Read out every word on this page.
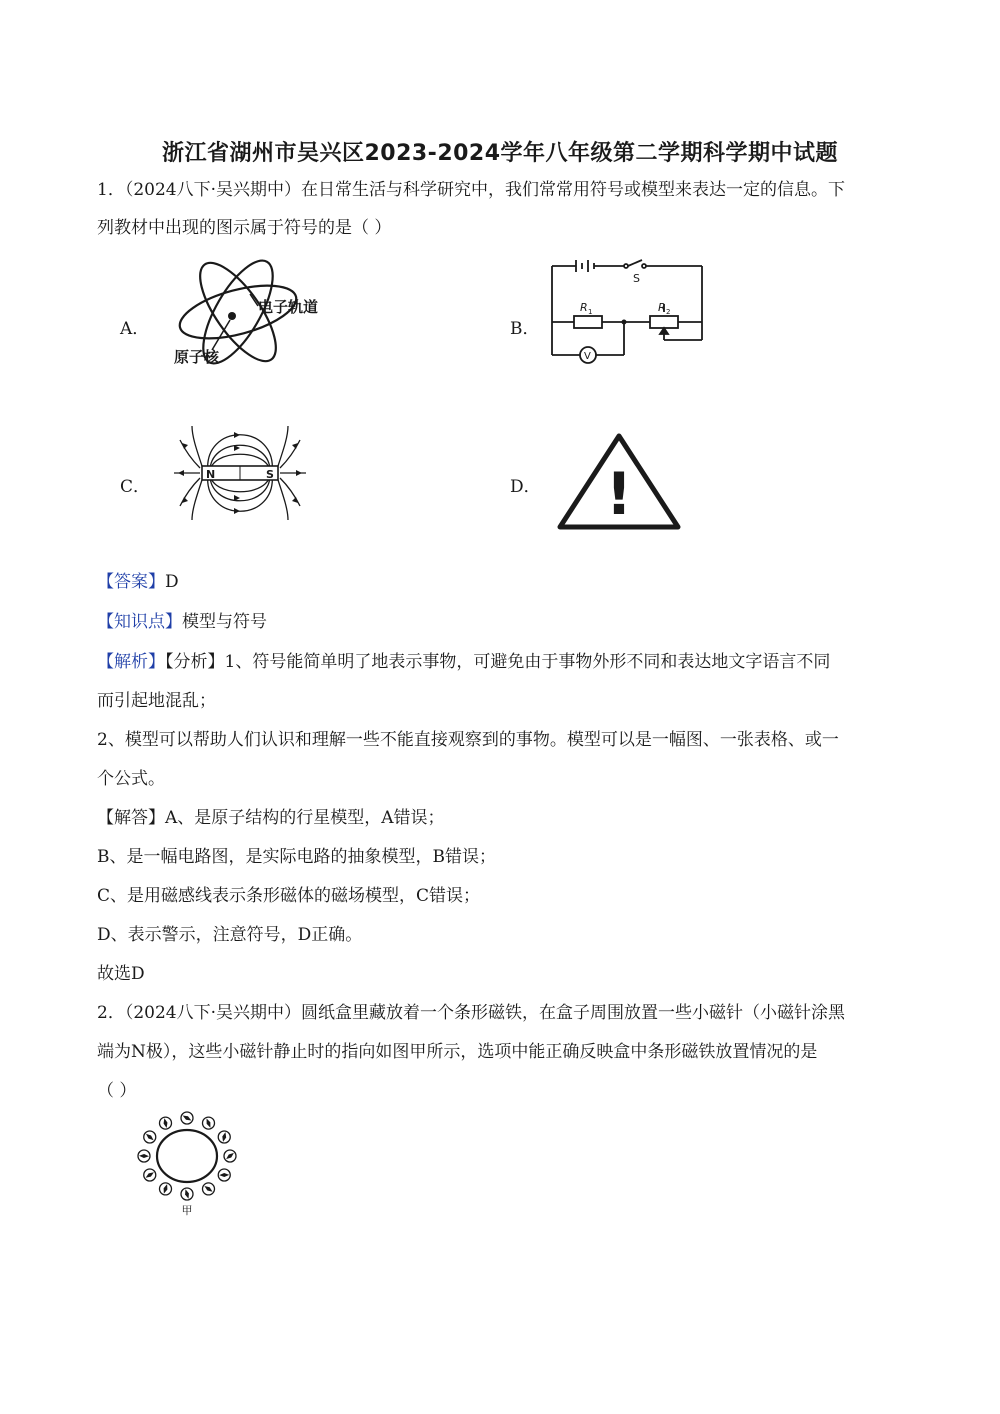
浙江省湖州市吴兴区2023-2024学年八年级第二学期科学期中试题
1．（2024八下·吴兴期中）在日常生活与科学研究中，我们常常用符号或模型来表达一定的信息。下
列教材中出现的图示属于符号的是（ ）
A．
电子轨道
原子核
B．
S
R 1	R 2
V
C．
N	S
D． !
【答案】D
【知识点】模型与符号
【解析】【分析】1、符号能简单明了地表示事物，可避免由于事物外形不同和表达地文字语言不同
而引起地混乱；
2、模型可以帮助人们认识和理解一些不能直接观察到的事物。模型可以是一幅图、一张表格、或一
个公式。
【解答】A、是原子结构的行星模型，A错误；
B、是一幅电路图，是实际电路的抽象模型，B错误；
C、是用磁感线表示条形磁体的磁场模型，C错误；
D、表示警示，注意符号，D正确。
故选D
2．（2024八下·吴兴期中）圆纸盒里藏放着一个条形磁铁，在盒子周围放置一些小磁针（小磁针涂黑
端为N极），这些小磁针静止时的指向如图甲所示，选项中能正确反映盒中条形磁铁放置情况的是
（ ）
甲
